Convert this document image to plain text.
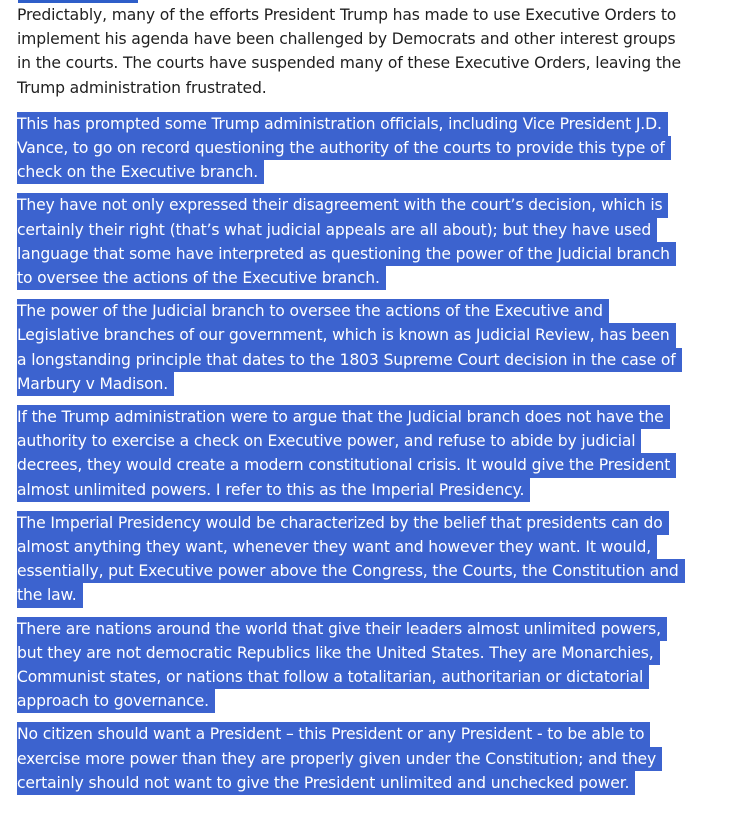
Predictably, many of the efforts President Trump has made to use Executive Orders to
implement his agenda have been challenged by Democrats and other interest groups
in the courts. The courts have suspended many of these Executive Orders, leaving the
Trump administration frustrated.

This has prompted some Trump administration officials, including Vice President J.D.
Vance, to go on record questioning the authority of the courts to provide this type of
check on the Executive branch.

They have not only expressed their disagreement with the court’s decision, which is
certainly their right (that’s what judicial appeals are all about); but they have used
language that some have interpreted as questioning the power of the Judicial branch
to oversee the actions of the Executive branch.

The power of the Judicial branch to oversee the actions of the Executive and
Legislative branches of our government, which is known as Judicial Review, has been
a longstanding principle that dates to the 1803 Supreme Court decision in the case of
Marbury v Madison.

If the Trump administration were to argue that the Judicial branch does not have the
authority to exercise a check on Executive power, and refuse to abide by judicial
decrees, they would create a modern constitutional crisis. It would give the President
almost unlimited powers. I refer to this as the Imperial Presidency.

The Imperial Presidency would be characterized by the belief that presidents can do
almost anything they want, whenever they want and however they want. It would,
essentially, put Executive power above the Congress, the Courts, the Constitution and
the law.

There are nations around the world that give their leaders almost unlimited powers,
but they are not democratic Republics like the United States. They are Monarchies,
Communist states, or nations that follow a totalitarian, authoritarian or dictatorial
approach to governance.

No citizen should want a President – this President or any President - to be able to
exercise more power than they are properly given under the Constitution; and they
certainly should not want to give the President unlimited and unchecked power.
